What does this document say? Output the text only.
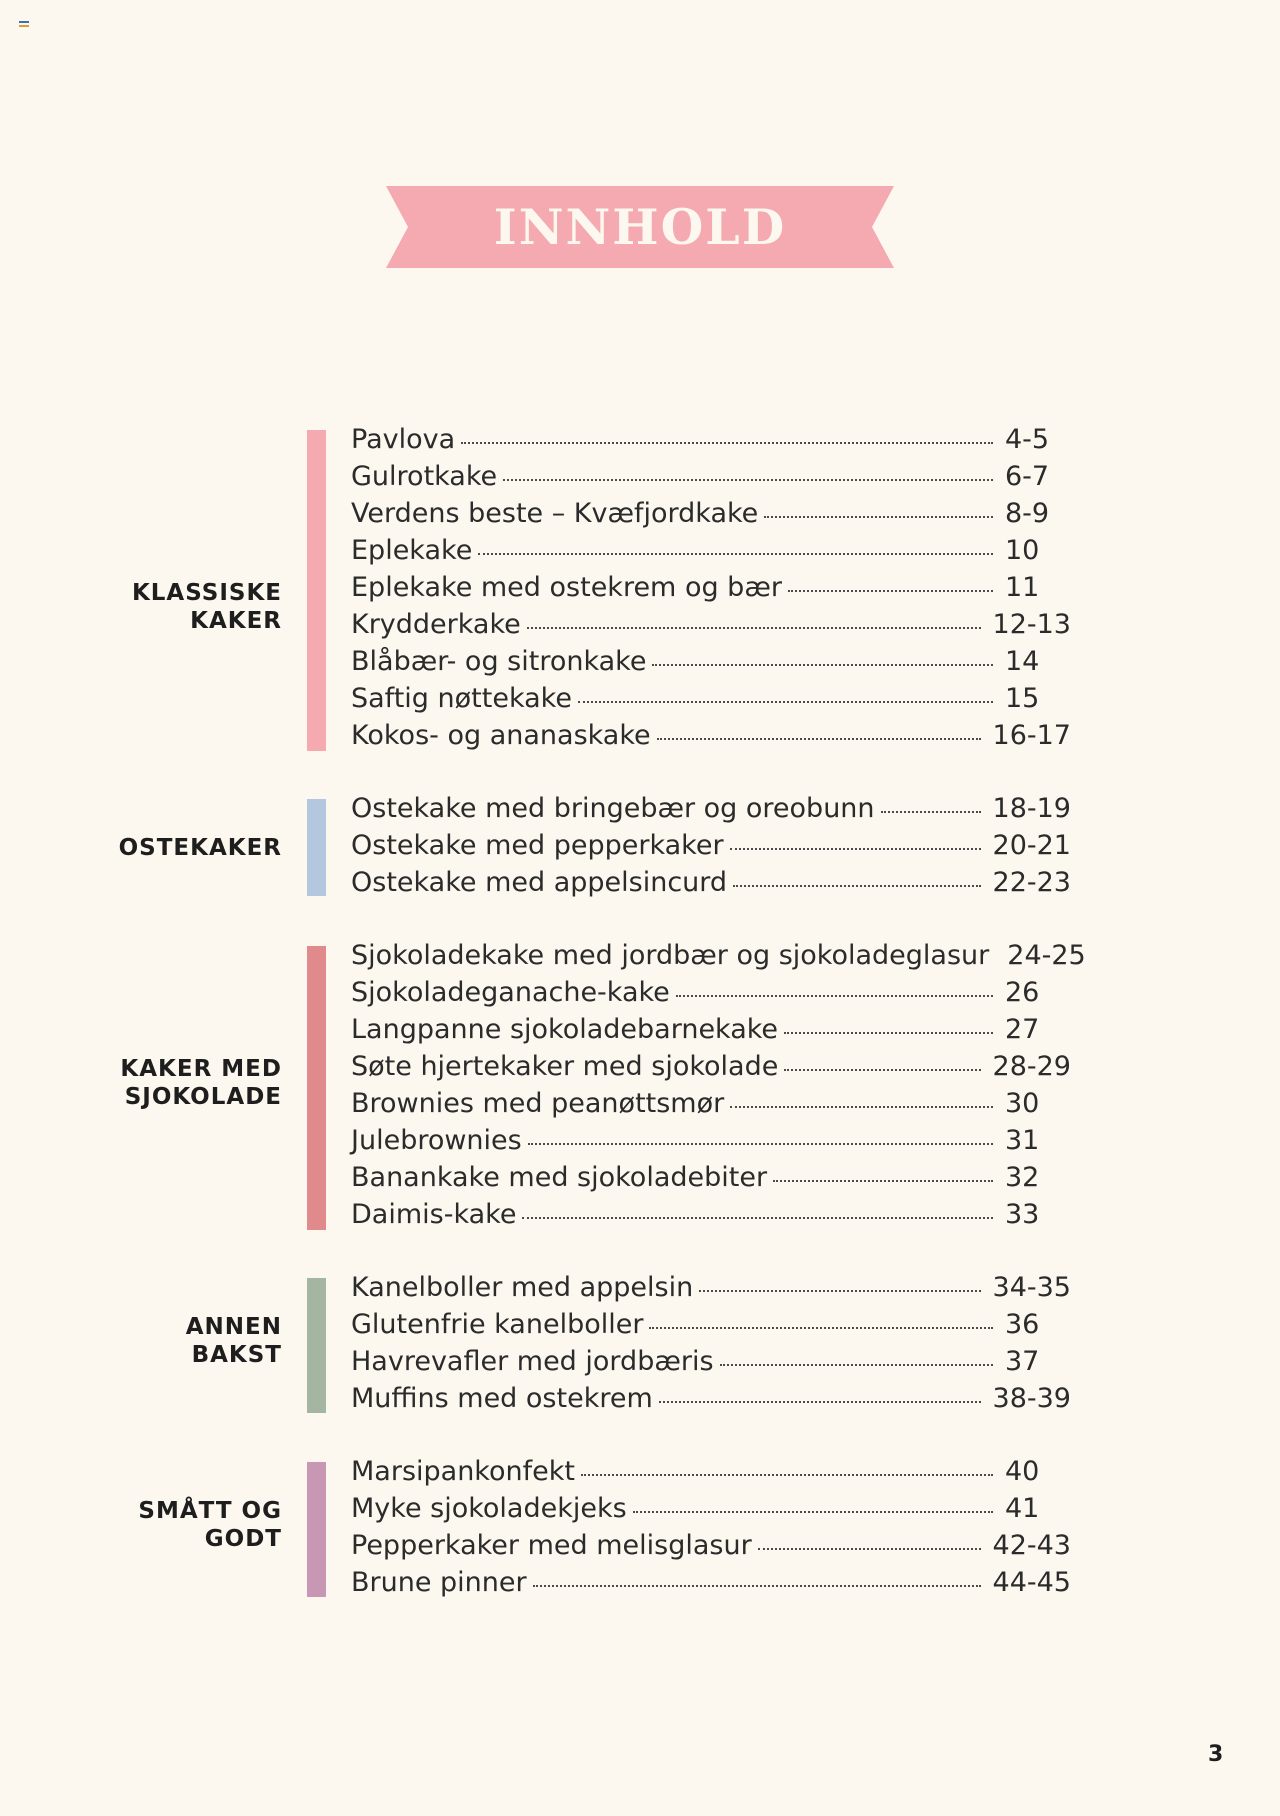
INNHOLD
KLASSISKE
KAKER
Pavlova	4-5
Gulrotkake	6-7
Verdens beste – Kvæfjordkake	8-9
Eplekake	10
Eplekake med ostekrem og bær	11
Krydderkake	12-13
Blåbær- og sitronkake	14
Saftig nøttekake	15
Kokos- og ananaskake	16-17
OSTEKAKER
Ostekake med bringebær og oreobunn	18-19
Ostekake med pepperkaker	20-21
Ostekake med appelsincurd	22-23
KAKER MED
SJOKOLADE
Sjokoladekake med jordbær og sjokoladeglasur 24-25
Sjokoladeganache-kake	26
Langpanne sjokoladebarnekake	27
Søte hjertekaker med sjokolade	28-29
Brownies med peanøttsmør	30
Julebrownies	31
Banankake med sjokoladebiter	32
Daimis-kake	33
ANNEN
BAKST
Kanelboller med appelsin	34-35
Glutenfrie kanelboller	36
Havrevafler med jordbæris	37
Muffins med ostekrem	38-39
SMÅTT OG
GODT
Marsipankonfekt	40
Myke sjokoladekjeks	41
Pepperkaker med melisglasur	42-43
Brune pinner	44-45
3
